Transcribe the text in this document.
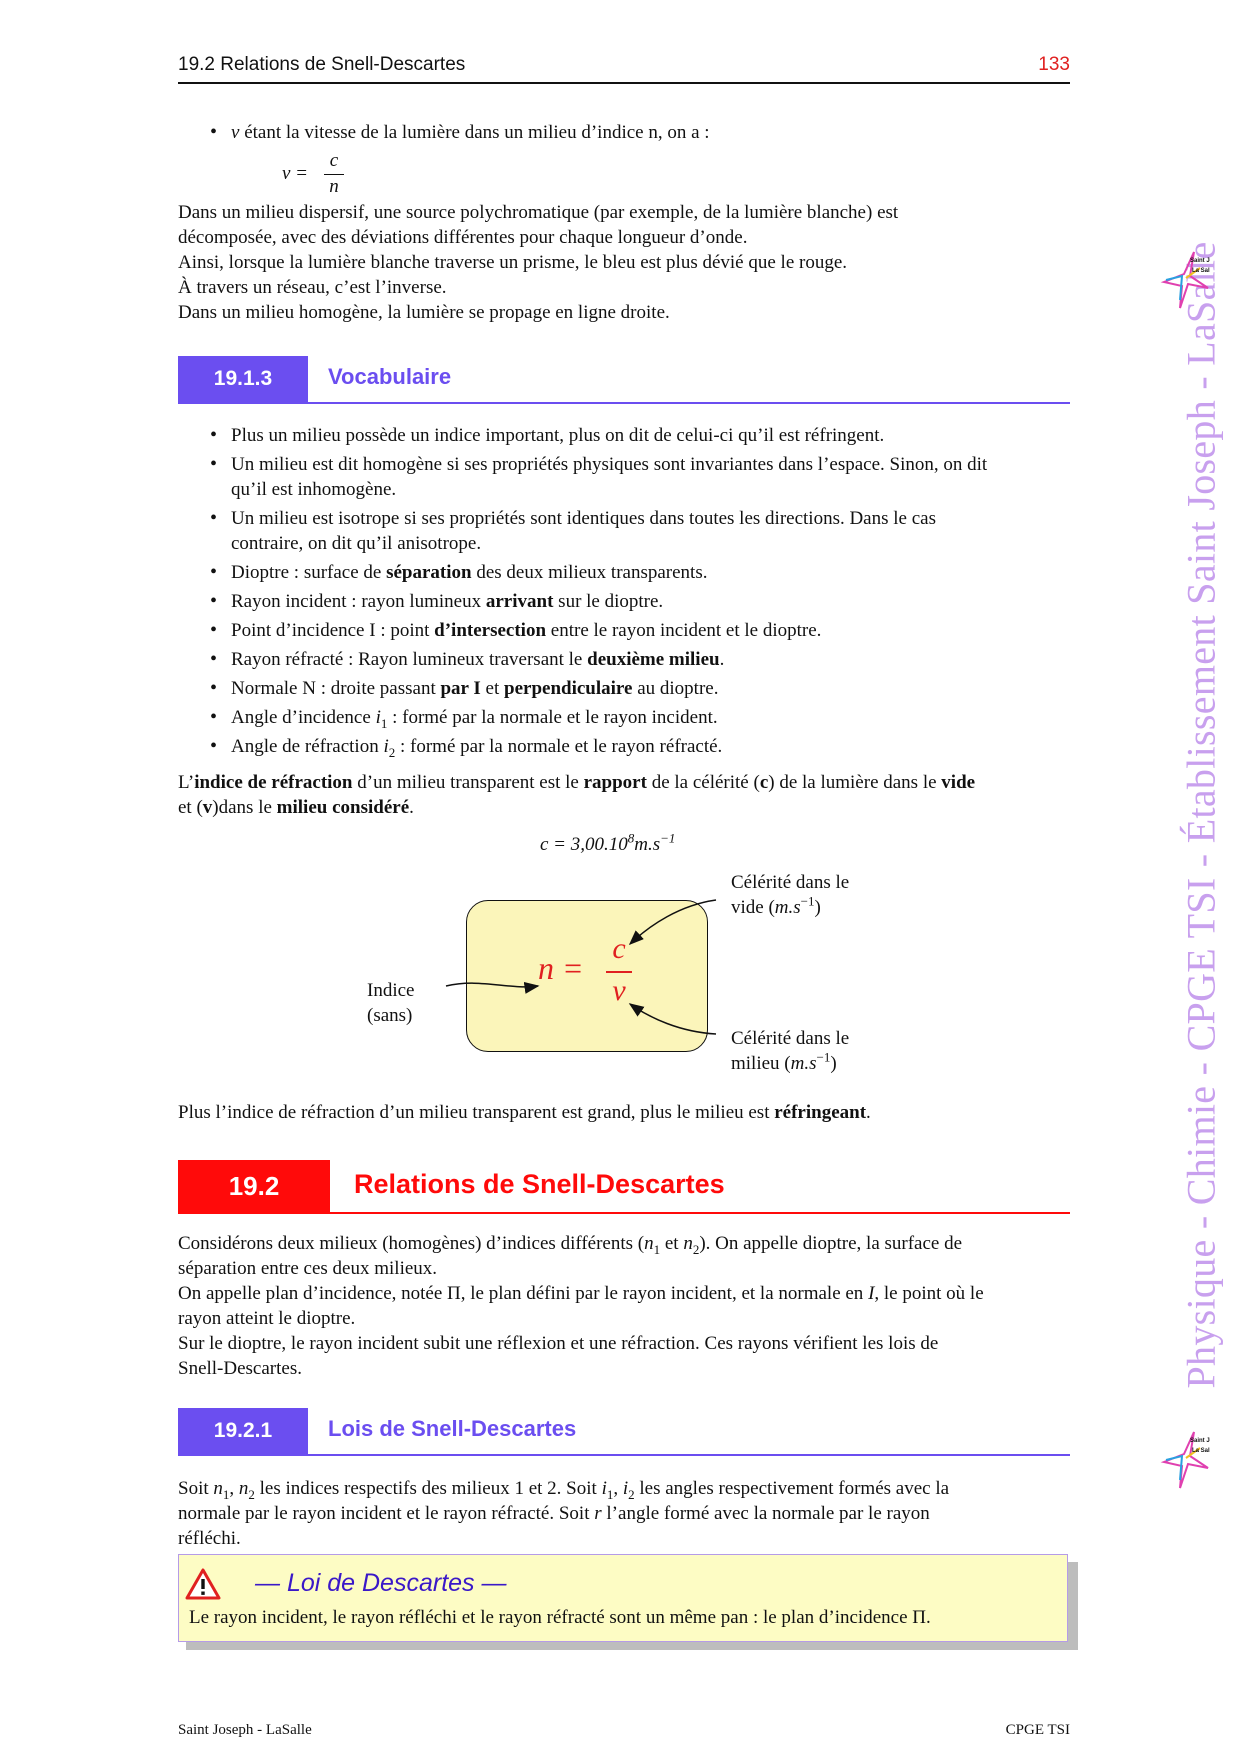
19.2 Relations de Snell-Descartes	133
• v étant la vitesse de la lumière dans un milieu d’indice n, on a :
v =
c
n

Dans un milieu dispersif, une source polychromatique (par exemple, de la lumière blanche) est

décomposée, avec des déviations différentes pour chaque longueur d’onde.

Ainsi, lorsque la lumière blanche traverse un prisme, le bleu est plus dévié que le rouge.

À travers un réseau, c’est l’inverse.

Dans un milieu homogène, la lumière se propage en ligne droite.

19.1.3	Vocabulaire
• Plus un milieu possède un indice important, plus on dit de celui-ci qu’il est réfringent.
• Un milieu est dit homogène si ses propriétés physiques sont invariantes dans l’espace. Sinon, on dit
qu’il est inhomogène.
• Un milieu est isotrope si ses propriétés sont identiques dans toutes les directions. Dans le cas
contraire, on dit qu’il anisotrope.
• Dioptre : surface de séparation des deux milieux transparents.
• Rayon incident : rayon lumineux arrivant sur le dioptre.
• Point d’incidence I : point d’intersection entre le rayon incident et le dioptre.
• Rayon réfracté : Rayon lumineux traversant le deuxième milieu.
• Normale N : droite passant par I et perpendiculaire au dioptre.
• Angle d’incidence $i_1$ : formé par la normale et le rayon incident.
• Angle de réfraction $i_2$ : formé par la normale et le rayon réfracté.

L’indice de réfraction d’un milieu transparent est le rapport de la célérité (c) de la lumière dans le vide

et (v)dans le milieu considéré.

$c = 3,00.10^8m.s^{-1}$
n =
c
v
Célérité dans le
vide $(m.s^{-1})$
Célérité dans le
milieu $(m.s^{-1})$
Indice
(sans)

Plus l’indice de réfraction d’un milieu transparent est grand, plus le milieu est réfringeant.

19.2	Relations de Snell-Descartes

Considérons deux milieux (homogènes) d’indices différents ($n_1$ et $n_2$). On appelle dioptre, la surface de

séparation entre ces deux milieux.

On appelle plan d’incidence, notée Π, le plan défini par le rayon incident, et la normale en I, le point où le

rayon atteint le dioptre.

Sur le dioptre, le rayon incident subit une réflexion et une réfraction. Ces rayons vérifient les lois de

Snell-Descartes.

19.2.1	Lois de Snell-Descartes

Soit $n_1$, $n_2$ les indices respectifs des milieux 1 et 2. Soit $i_1$, $i_2$ les angles respectivement formés avec la

normale par le rayon incident et le rayon réfracté. Soit r l’angle formé avec la normale par le rayon

réfléchi.

— Loi de Descartes —
Le rayon incident, le rayon réfléchi et le rayon réfracté sont un même pan : le plan d’incidence Π.
Saint Joseph - LaSalle	CPGE TSI
Physique - Chimie - CPGE TSI - Établissement Saint Joseph - LaSalle
Saint J
La Sal
Saint J
La Sal
